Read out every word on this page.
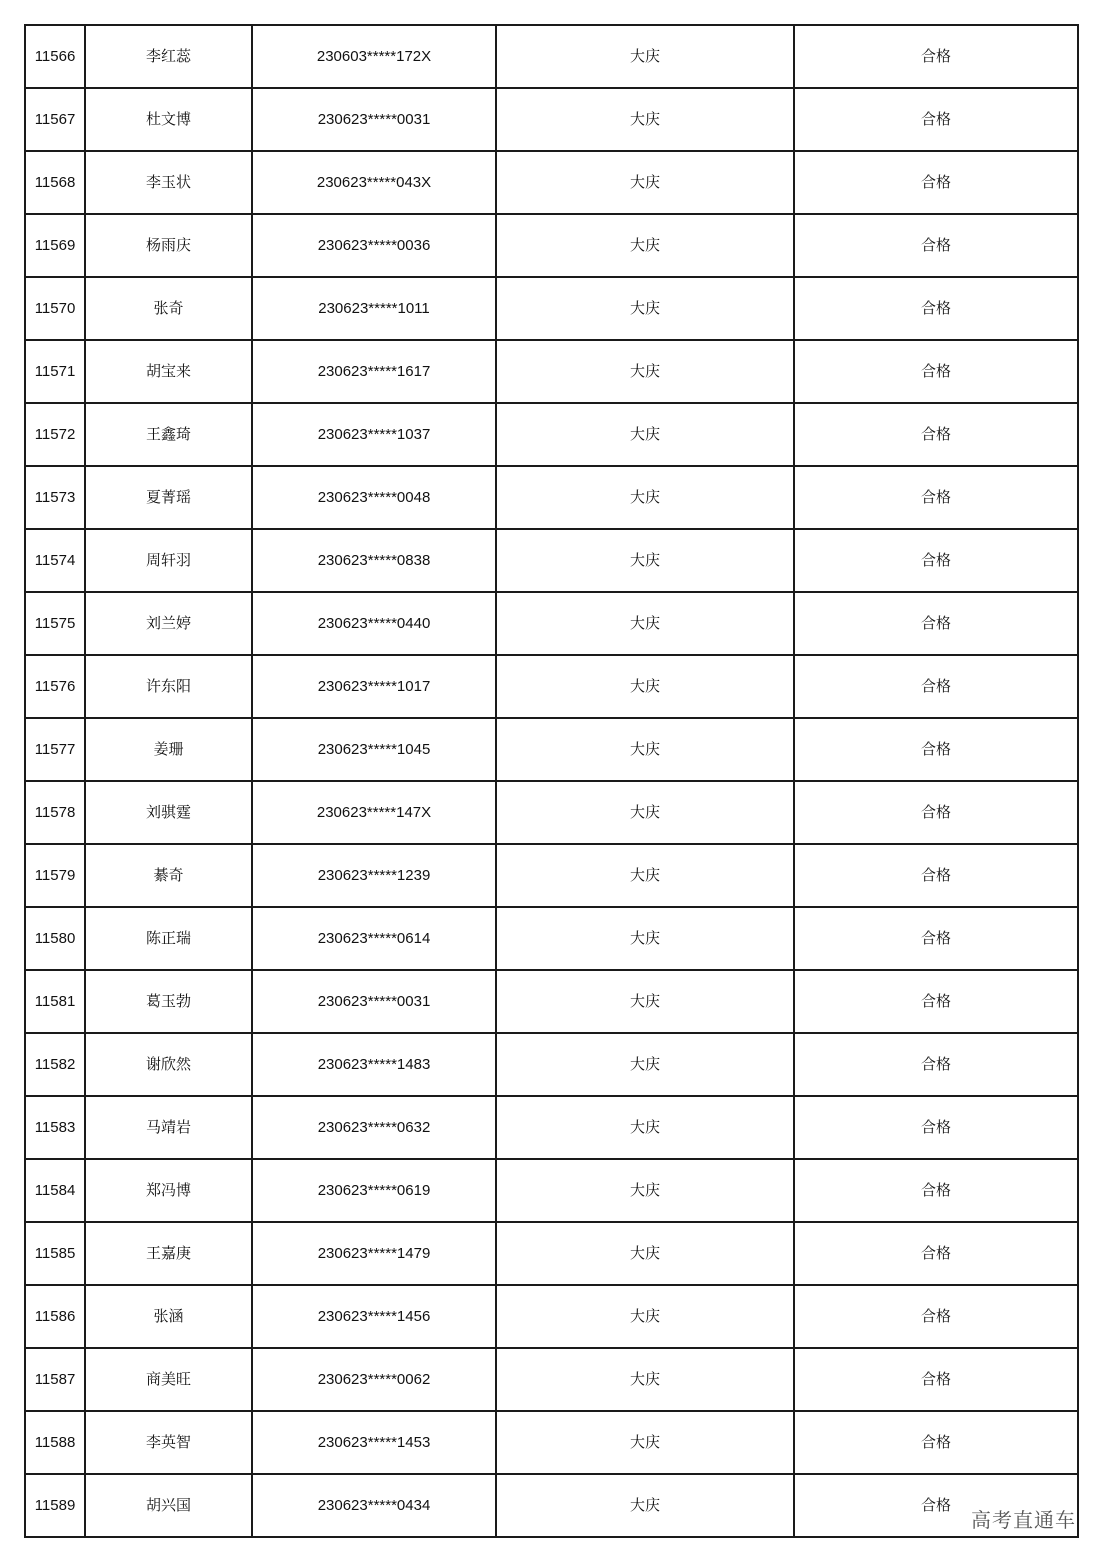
11566	李红蕊	230603*****172X	大庆	合格
11567	杜文博	230623*****0031	大庆	合格
11568	李玉状	230623*****043X	大庆	合格
11569	杨雨庆	230623*****0036	大庆	合格
11570	张奇	230623*****1011	大庆	合格
11571	胡宝来	230623*****1617	大庆	合格
11572	王鑫琦	230623*****1037	大庆	合格
11573	夏菁瑶	230623*****0048	大庆	合格
11574	周轩羽	230623*****0838	大庆	合格
11575	刘兰婷	230623*****0440	大庆	合格
11576	许东阳	230623*****1017	大庆	合格
11577	姜珊	230623*****1045	大庆	合格
11578	刘骐霆	230623*****147X	大庆	合格
11579	綦奇	230623*****1239	大庆	合格
11580	陈正瑞	230623*****0614	大庆	合格
11581	葛玉勃	230623*****0031	大庆	合格
11582	谢欣然	230623*****1483	大庆	合格
11583	马靖岩	230623*****0632	大庆	合格
11584	郑冯博	230623*****0619	大庆	合格
11585	王嘉庚	230623*****1479	大庆	合格
11586	张涵	230623*****1456	大庆	合格
11587	商美旺	230623*****0062	大庆	合格
11588	李英智	230623*****1453	大庆	合格
11589	胡兴国	230623*****0434	大庆	合格
高考直通车
